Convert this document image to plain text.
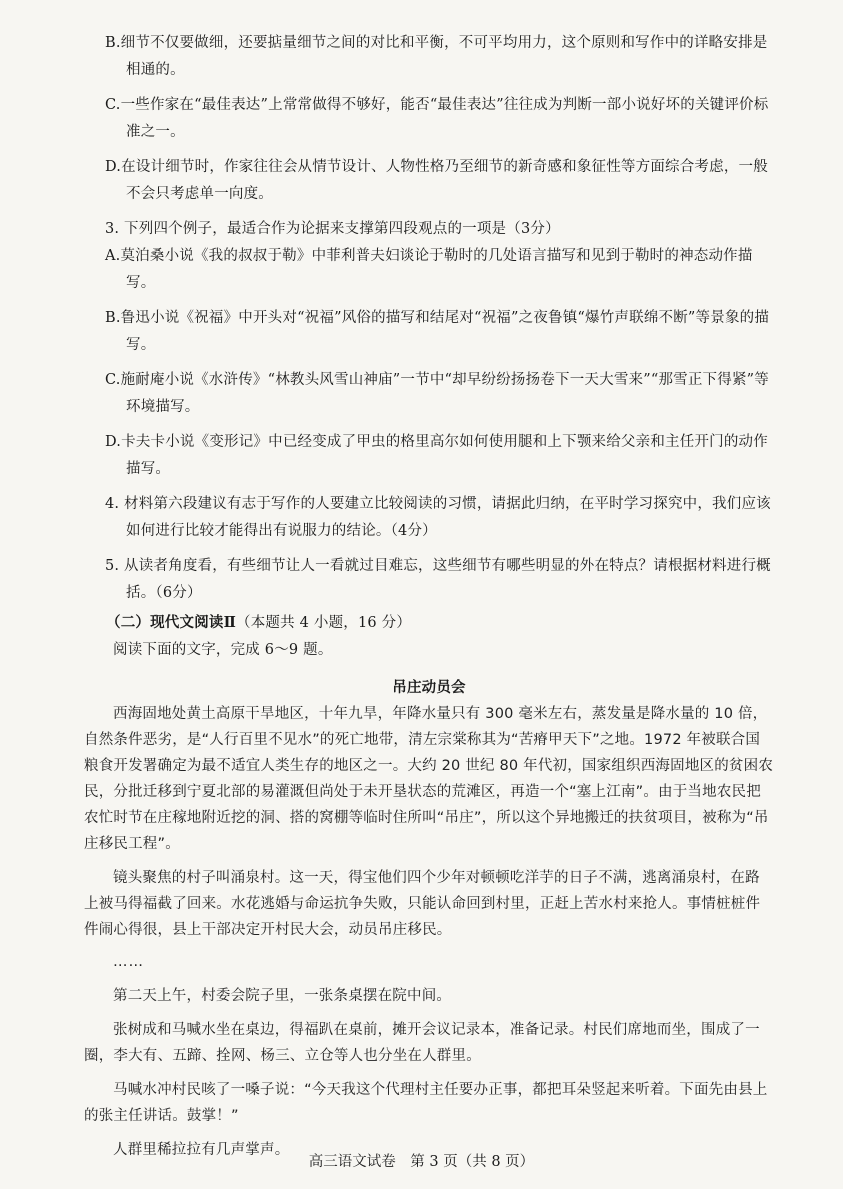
B.细节不仅要做细，还要掂量细节之间的对比和平衡，不可平均用力，这个原则和写作中的详略安排是相通的。

C.一些作家在“最佳表达”上常常做得不够好，能否“最佳表达”往往成为判断一部小说好坏的关键评价标准之一。

D.在设计细节时，作家往往会从情节设计、人物性格乃至细节的新奇感和象征性等方面综合考虑，一般不会只考虑单一向度。

3. 下列四个例子，最适合作为论据来支撑第四段观点的一项是（3分）

A.莫泊桑小说《我的叔叔于勒》中菲利普夫妇谈论于勒时的几处语言描写和见到于勒时的神态动作描写。

B.鲁迅小说《祝福》中开头对“祝福”风俗的描写和结尾对“祝福”之夜鲁镇“爆竹声联绵不断”等景象的描写。

C.施耐庵小说《水浒传》“林教头风雪山神庙”一节中“却早纷纷扬扬卷下一天大雪来”“那雪正下得紧”等环境描写。

D.卡夫卡小说《变形记》中已经变成了甲虫的格里高尔如何使用腿和上下颚来给父亲和主任开门的动作描写。

4. 材料第六段建议有志于写作的人要建立比较阅读的习惯，请据此归纳，在平时学习探究中，我们应该如何进行比较才能得出有说服力的结论。（4分）

5. 从读者角度看，有些细节让人一看就过目难忘，这些细节有哪些明显的外在特点？请根据材料进行概括。（6分）

（二）现代文阅读Ⅱ（本题共 4 小题，16 分）

阅读下面的文字，完成 6～9 题。

吊庄动员会

西海固地处黄土高原干旱地区，十年九旱，年降水量只有 300 毫米左右，蒸发量是降水量的 10 倍，自然条件恶劣，是“人行百里不见水”的死亡地带，清左宗棠称其为“苦瘠甲天下”之地。1972 年被联合国粮食开发署确定为最不适宜人类生存的地区之一。大约 20 世纪 80 年代初，国家组织西海固地区的贫困农民，分批迁移到宁夏北部的易灌溉但尚处于未开垦状态的荒滩区，再造一个“塞上江南”。由于当地农民把农忙时节在庄稼地附近挖的洞、搭的窝棚等临时住所叫“吊庄”，所以这个异地搬迁的扶贫项目，被称为“吊庄移民工程”。

镜头聚焦的村子叫涌泉村。这一天，得宝他们四个少年对顿顿吃洋芋的日子不满，逃离涌泉村，在路上被马得福截了回来。水花逃婚与命运抗争失败，只能认命回到村里，正赶上苦水村来抢人。事情桩桩件件闹心得很，县上干部决定开村民大会，动员吊庄移民。

……

第二天上午，村委会院子里，一张条桌摆在院中间。

张树成和马喊水坐在桌边，得福趴在桌前，摊开会议记录本，准备记录。村民们席地而坐，围成了一圈，李大有、五蹄、拴网、杨三、立仓等人也分坐在人群里。

马喊水冲村民咳了一嗓子说：“今天我这个代理村主任要办正事，都把耳朵竖起来听着。下面先由县上的张主任讲话。鼓掌！”

人群里稀拉拉有几声掌声。

高三语文试卷　第 3 页（共 8 页）
